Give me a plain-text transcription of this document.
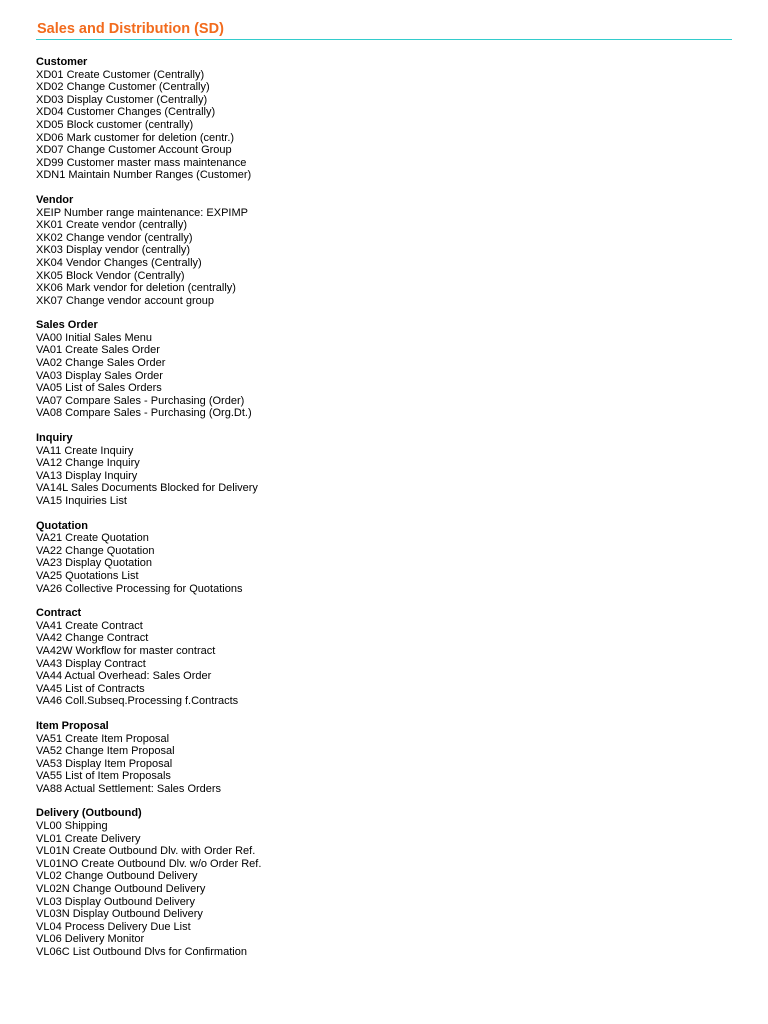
Sales and Distribution (SD)
Customer
XD01 Create Customer (Centrally)
XD02 Change Customer (Centrally)
XD03 Display Customer (Centrally)
XD04 Customer Changes (Centrally)
XD05 Block customer (centrally)
XD06 Mark customer for deletion (centr.)
XD07 Change Customer Account Group
XD99 Customer master mass maintenance
XDN1 Maintain Number Ranges (Customer)
Vendor
XEIP Number range maintenance: EXPIMP
XK01 Create vendor (centrally)
XK02 Change vendor (centrally)
XK03 Display vendor (centrally)
XK04 Vendor Changes (Centrally)
XK05 Block Vendor (Centrally)
XK06 Mark vendor for deletion (centrally)
XK07 Change vendor account group
Sales Order
VA00 Initial Sales Menu
VA01 Create Sales Order
VA02 Change Sales Order
VA03 Display Sales Order
VA05 List of Sales Orders
VA07 Compare Sales - Purchasing (Order)
VA08 Compare Sales - Purchasing (Org.Dt.)
Inquiry
VA11 Create Inquiry
VA12 Change Inquiry
VA13 Display Inquiry
VA14L Sales Documents Blocked for Delivery
VA15 Inquiries List
Quotation
VA21 Create Quotation
VA22 Change Quotation
VA23 Display Quotation
VA25 Quotations List
VA26 Collective Processing for Quotations
Contract
VA41 Create Contract
VA42 Change Contract
VA42W Workflow for master contract
VA43 Display Contract
VA44 Actual Overhead: Sales Order
VA45 List of Contracts
VA46 Coll.Subseq.Processing f.Contracts
Item Proposal
VA51 Create Item Proposal
VA52 Change Item Proposal
VA53 Display Item Proposal
VA55 List of Item Proposals
VA88 Actual Settlement: Sales Orders
Delivery (Outbound)
VL00 Shipping
VL01 Create Delivery
VL01N Create Outbound Dlv. with Order Ref.
VL01NO Create Outbound Dlv. w/o Order Ref.
VL02 Change Outbound Delivery
VL02N Change Outbound Delivery
VL03 Display Outbound Delivery
VL03N Display Outbound Delivery
VL04 Process Delivery Due List
VL06 Delivery Monitor
VL06C List Outbound Dlvs for Confirmation
